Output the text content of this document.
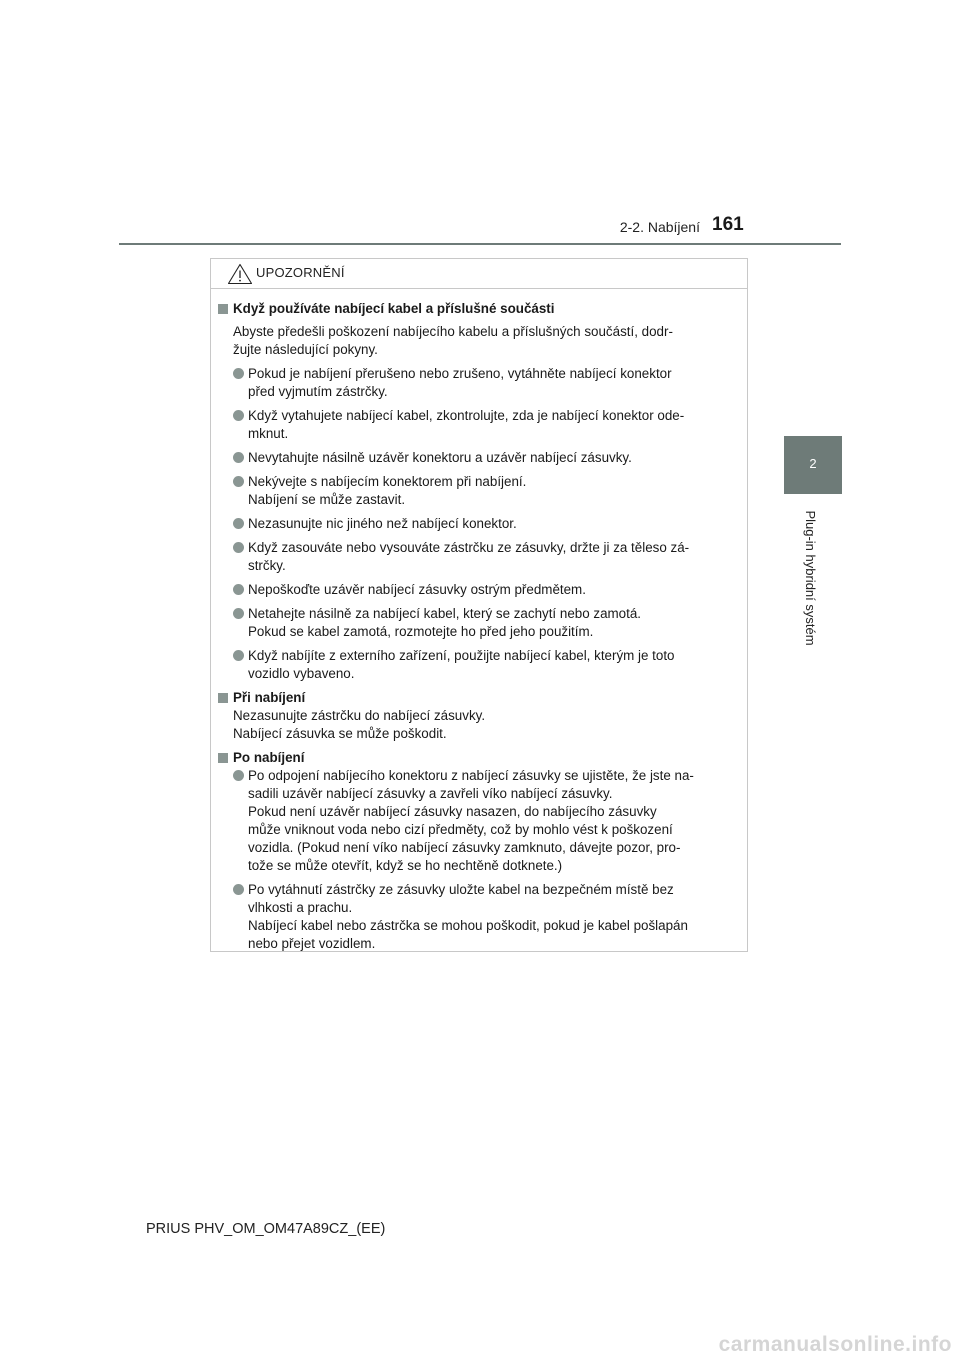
2-2. Nabíjení 161
2
Plug-in hybridní systém
UPOZORNĚNÍ
Když používáte nabíjecí kabel a příslušné součásti
Abyste předešli poškození nabíjecího kabelu a příslušných součástí, dodr-
žujte následující pokyny.
Pokud je nabíjení přerušeno nebo zrušeno, vytáhněte nabíjecí konektor
před vyjmutím zástrčky.
Když vytahujete nabíjecí kabel, zkontrolujte, zda je nabíjecí konektor ode-
mknut.
Nevytahujte násilně uzávěr konektoru a uzávěr nabíjecí zásuvky.
Nekývejte s nabíjecím konektorem při nabíjení.
Nabíjení se může zastavit.
Nezasunujte nic jiného než nabíjecí konektor.
Když zasouváte nebo vysouváte zástrčku ze zásuvky, držte ji za těleso zá-
strčky.
Nepoškoďte uzávěr nabíjecí zásuvky ostrým předmětem.
Netahejte násilně za nabíjecí kabel, který se zachytí nebo zamotá.
Pokud se kabel zamotá, rozmotejte ho před jeho použitím.
Když nabíjíte z externího zařízení, použijte nabíjecí kabel, kterým je toto
vozidlo vybaveno.
Při nabíjení
Nezasunujte zástrčku do nabíjecí zásuvky.
Nabíjecí zásuvka se může poškodit.
Po nabíjení
Po odpojení nabíjecího konektoru z nabíjecí zásuvky se ujistěte, že jste na-
sadili uzávěr nabíjecí zásuvky a zavřeli víko nabíjecí zásuvky.
Pokud není uzávěr nabíjecí zásuvky nasazen, do nabíjecího zásuvky
může vniknout voda nebo cizí předměty, což by mohlo vést k poškození
vozidla. (Pokud není víko nabíjecí zásuvky zamknuto, dávejte pozor, pro-
tože se může otevřít, když se ho nechtěně dotknete.)
Po vytáhnutí zástrčky ze zásuvky uložte kabel na bezpečném místě bez
vlhkosti a prachu.
Nabíjecí kabel nebo zástrčka se mohou poškodit, pokud je kabel pošlapán
nebo přejet vozidlem.
PRIUS PHV_OM_OM47A89CZ_(EE)
carmanualsonline.info
